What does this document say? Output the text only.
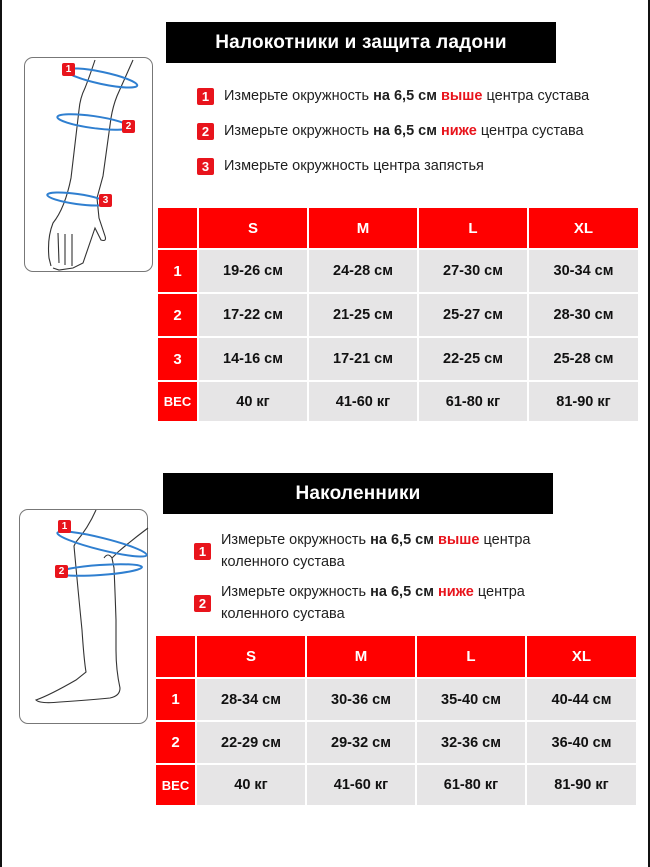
Налокотники и защита ладони
1
2
3
1	Измерьте окружность на 6,5 см выше центра сустава
2	Измерьте окружность на 6,5 см ниже центра сустава
3	Измерьте окружность центра запястья
	S	M	L	XL
1	19-26 см	24-28 см	27-30 см	30-34 см
2	17-22 см	21-25 см	25-27 см	28-30 см
3	14-16 см	17-21 см	22-25 см	25-28 см
ВЕС	40 кг	41-60 кг	61-80 кг	81-90 кг
Наколенники
1
2
1
Измерьте окружность на 6,5 см выше центра
коленного сустава
2
Измерьте окружность на 6,5 см ниже центра
коленного сустава
	S	M	L	XL
1	28-34 см	30-36 см	35-40 см	40-44 см
2	22-29 см	29-32 см	32-36 см	36-40 см
ВЕС	40 кг	41-60 кг	61-80 кг	81-90 кг
